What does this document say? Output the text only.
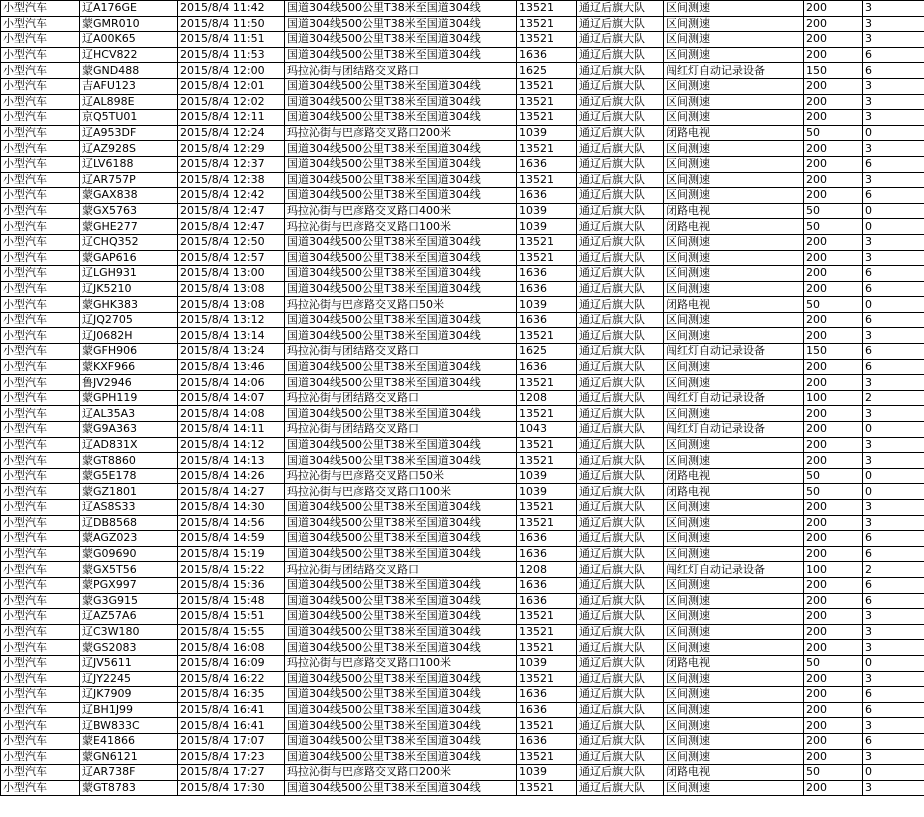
小型汽车	辽A176GE	2015/8/4 11:42	国道304线500公里T38米至国道304线	13521	通辽后旗大队	区间测速	200	3
小型汽车	蒙GMR010	2015/8/4 11:50	国道304线500公里T38米至国道304线	13521	通辽后旗大队	区间测速	200	3
小型汽车	辽A00K65	2015/8/4 11:51	国道304线500公里T38米至国道304线	13521	通辽后旗大队	区间测速	200	3
小型汽车	辽HCV822	2015/8/4 11:53	国道304线500公里T38米至国道304线	1636	通辽后旗大队	区间测速	200	6
小型汽车	蒙GND488	2015/8/4 12:00	玛拉沁街与团结路交叉路口	1625	通辽后旗大队	闯红灯自动记录设备	150	6
小型汽车	吉AFU123	2015/8/4 12:01	国道304线500公里T38米至国道304线	13521	通辽后旗大队	区间测速	200	3
小型汽车	辽AL898E	2015/8/4 12:02	国道304线500公里T38米至国道304线	13521	通辽后旗大队	区间测速	200	3
小型汽车	京Q5TU01	2015/8/4 12:11	国道304线500公里T38米至国道304线	13521	通辽后旗大队	区间测速	200	3
小型汽车	辽A953DF	2015/8/4 12:24	玛拉沁街与巴彦路交叉路口200米	1039	通辽后旗大队	闭路电视	50	0
小型汽车	辽AZ928S	2015/8/4 12:29	国道304线500公里T38米至国道304线	13521	通辽后旗大队	区间测速	200	3
小型汽车	辽LV6188	2015/8/4 12:37	国道304线500公里T38米至国道304线	1636	通辽后旗大队	区间测速	200	6
小型汽车	辽AR757P	2015/8/4 12:38	国道304线500公里T38米至国道304线	13521	通辽后旗大队	区间测速	200	3
小型汽车	蒙GAX838	2015/8/4 12:42	国道304线500公里T38米至国道304线	1636	通辽后旗大队	区间测速	200	6
小型汽车	蒙GX5763	2015/8/4 12:47	玛拉沁街与巴彦路交叉路口400米	1039	通辽后旗大队	闭路电视	50	0
小型汽车	蒙GHE277	2015/8/4 12:47	玛拉沁街与巴彦路交叉路口100米	1039	通辽后旗大队	闭路电视	50	0
小型汽车	辽CHQ352	2015/8/4 12:50	国道304线500公里T38米至国道304线	13521	通辽后旗大队	区间测速	200	3
小型汽车	蒙GAP616	2015/8/4 12:57	国道304线500公里T38米至国道304线	13521	通辽后旗大队	区间测速	200	3
小型汽车	辽LGH931	2015/8/4 13:00	国道304线500公里T38米至国道304线	1636	通辽后旗大队	区间测速	200	6
小型汽车	辽JK5210	2015/8/4 13:08	国道304线500公里T38米至国道304线	1636	通辽后旗大队	区间测速	200	6
小型汽车	蒙GHK383	2015/8/4 13:08	玛拉沁街与巴彦路交叉路口50米	1039	通辽后旗大队	闭路电视	50	0
小型汽车	辽JQ2705	2015/8/4 13:12	国道304线500公里T38米至国道304线	1636	通辽后旗大队	区间测速	200	6
小型汽车	辽J0682H	2015/8/4 13:14	国道304线500公里T38米至国道304线	13521	通辽后旗大队	区间测速	200	3
小型汽车	蒙GFH906	2015/8/4 13:24	玛拉沁街与团结路交叉路口	1625	通辽后旗大队	闯红灯自动记录设备	150	6
小型汽车	蒙KXF966	2015/8/4 13:46	国道304线500公里T38米至国道304线	1636	通辽后旗大队	区间测速	200	6
小型汽车	鲁JV2946	2015/8/4 14:06	国道304线500公里T38米至国道304线	13521	通辽后旗大队	区间测速	200	3
小型汽车	蒙GPH119	2015/8/4 14:07	玛拉沁街与团结路交叉路口	1208	通辽后旗大队	闯红灯自动记录设备	100	2
小型汽车	辽AL35A3	2015/8/4 14:08	国道304线500公里T38米至国道304线	13521	通辽后旗大队	区间测速	200	3
小型汽车	蒙G9A363	2015/8/4 14:11	玛拉沁街与团结路交叉路口	1043	通辽后旗大队	闯红灯自动记录设备	200	0
小型汽车	辽AD831X	2015/8/4 14:12	国道304线500公里T38米至国道304线	13521	通辽后旗大队	区间测速	200	3
小型汽车	蒙GT8860	2015/8/4 14:13	国道304线500公里T38米至国道304线	13521	通辽后旗大队	区间测速	200	3
小型汽车	蒙G5E178	2015/8/4 14:26	玛拉沁街与巴彦路交叉路口50米	1039	通辽后旗大队	闭路电视	50	0
小型汽车	蒙GZ1801	2015/8/4 14:27	玛拉沁街与巴彦路交叉路口100米	1039	通辽后旗大队	闭路电视	50	0
小型汽车	辽AS8S33	2015/8/4 14:30	国道304线500公里T38米至国道304线	13521	通辽后旗大队	区间测速	200	3
小型汽车	辽DB8568	2015/8/4 14:56	国道304线500公里T38米至国道304线	13521	通辽后旗大队	区间测速	200	3
小型汽车	蒙AGZ023	2015/8/4 14:59	国道304线500公里T38米至国道304线	1636	通辽后旗大队	区间测速	200	6
小型汽车	蒙G09690	2015/8/4 15:19	国道304线500公里T38米至国道304线	1636	通辽后旗大队	区间测速	200	6
小型汽车	蒙GX5T56	2015/8/4 15:22	玛拉沁街与团结路交叉路口	1208	通辽后旗大队	闯红灯自动记录设备	100	2
小型汽车	蒙PGX997	2015/8/4 15:36	国道304线500公里T38米至国道304线	1636	通辽后旗大队	区间测速	200	6
小型汽车	蒙G3G915	2015/8/4 15:48	国道304线500公里T38米至国道304线	1636	通辽后旗大队	区间测速	200	6
小型汽车	辽AZ57A6	2015/8/4 15:51	国道304线500公里T38米至国道304线	13521	通辽后旗大队	区间测速	200	3
小型汽车	辽C3W180	2015/8/4 15:55	国道304线500公里T38米至国道304线	13521	通辽后旗大队	区间测速	200	3
小型汽车	蒙GS2083	2015/8/4 16:08	国道304线500公里T38米至国道304线	13521	通辽后旗大队	区间测速	200	3
小型汽车	辽JV5611	2015/8/4 16:09	玛拉沁街与巴彦路交叉路口100米	1039	通辽后旗大队	闭路电视	50	0
小型汽车	辽JY2245	2015/8/4 16:22	国道304线500公里T38米至国道304线	13521	通辽后旗大队	区间测速	200	3
小型汽车	辽JK7909	2015/8/4 16:35	国道304线500公里T38米至国道304线	1636	通辽后旗大队	区间测速	200	6
小型汽车	辽BH1J99	2015/8/4 16:41	国道304线500公里T38米至国道304线	1636	通辽后旗大队	区间测速	200	6
小型汽车	辽BW833C	2015/8/4 16:41	国道304线500公里T38米至国道304线	13521	通辽后旗大队	区间测速	200	3
小型汽车	蒙E41866	2015/8/4 17:07	国道304线500公里T38米至国道304线	1636	通辽后旗大队	区间测速	200	6
小型汽车	蒙GN6121	2015/8/4 17:23	国道304线500公里T38米至国道304线	13521	通辽后旗大队	区间测速	200	3
小型汽车	辽AR738F	2015/8/4 17:27	玛拉沁街与巴彦路交叉路口200米	1039	通辽后旗大队	闭路电视	50	0
小型汽车	蒙GT8783	2015/8/4 17:30	国道304线500公里T38米至国道304线	13521	通辽后旗大队	区间测速	200	3
